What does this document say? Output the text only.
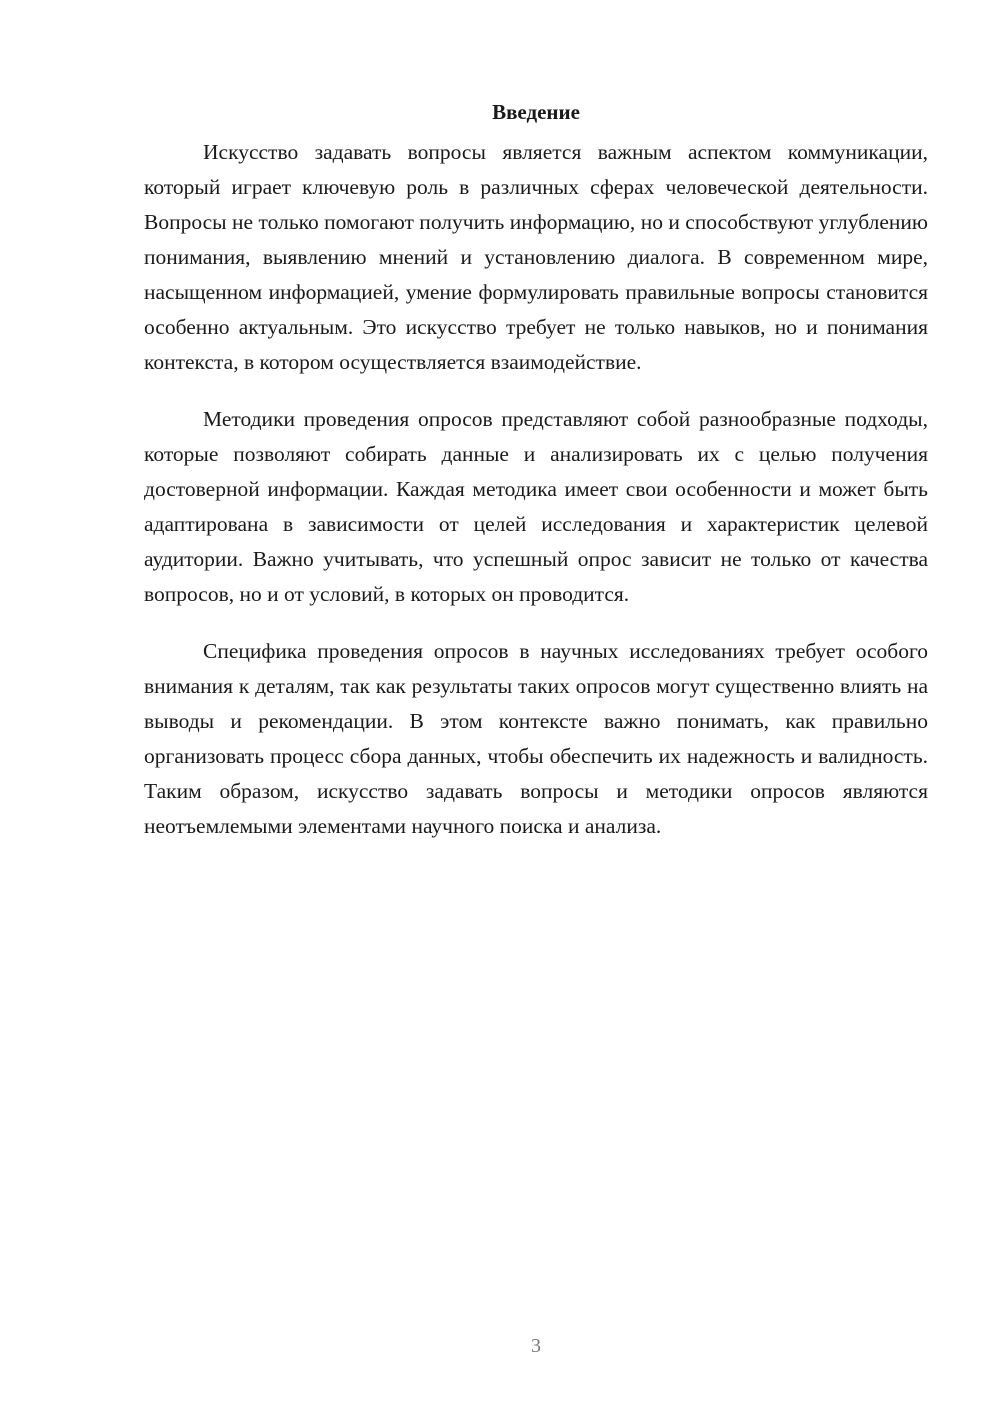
Введение

Искусство задавать вопросы является важным аспектом коммуникации, который играет ключевую роль в различных сферах человеческой деятельности. Вопросы не только помогают получить информацию, но и способствуют углублению понимания, выявлению мнений и установлению диалога. В современном мире, насыщенном информацией, умение формулировать правильные вопросы становится особенно актуальным. Это искусство требует не только навыков, но и понимания контекста, в котором осуществляется взаимодействие.

Методики проведения опросов представляют собой разнообразные подходы, которые позволяют собирать данные и анализировать их с целью получения достоверной информации. Каждая методика имеет свои особенности и может быть адаптирована в зависимости от целей исследования и характеристик целевой аудитории. Важно учитывать, что успешный опрос зависит не только от качества вопросов, но и от условий, в которых он проводится.

Специфика проведения опросов в научных исследованиях требует особого внимания к деталям, так как результаты таких опросов могут существенно влиять на выводы и рекомендации. В этом контексте важно понимать, как правильно организовать процесс сбора данных, чтобы обеспечить их надежность и валидность. Таким образом, искусство задавать вопросы и методики опросов являются неотъемлемыми элементами научного поиска и анализа.

3
